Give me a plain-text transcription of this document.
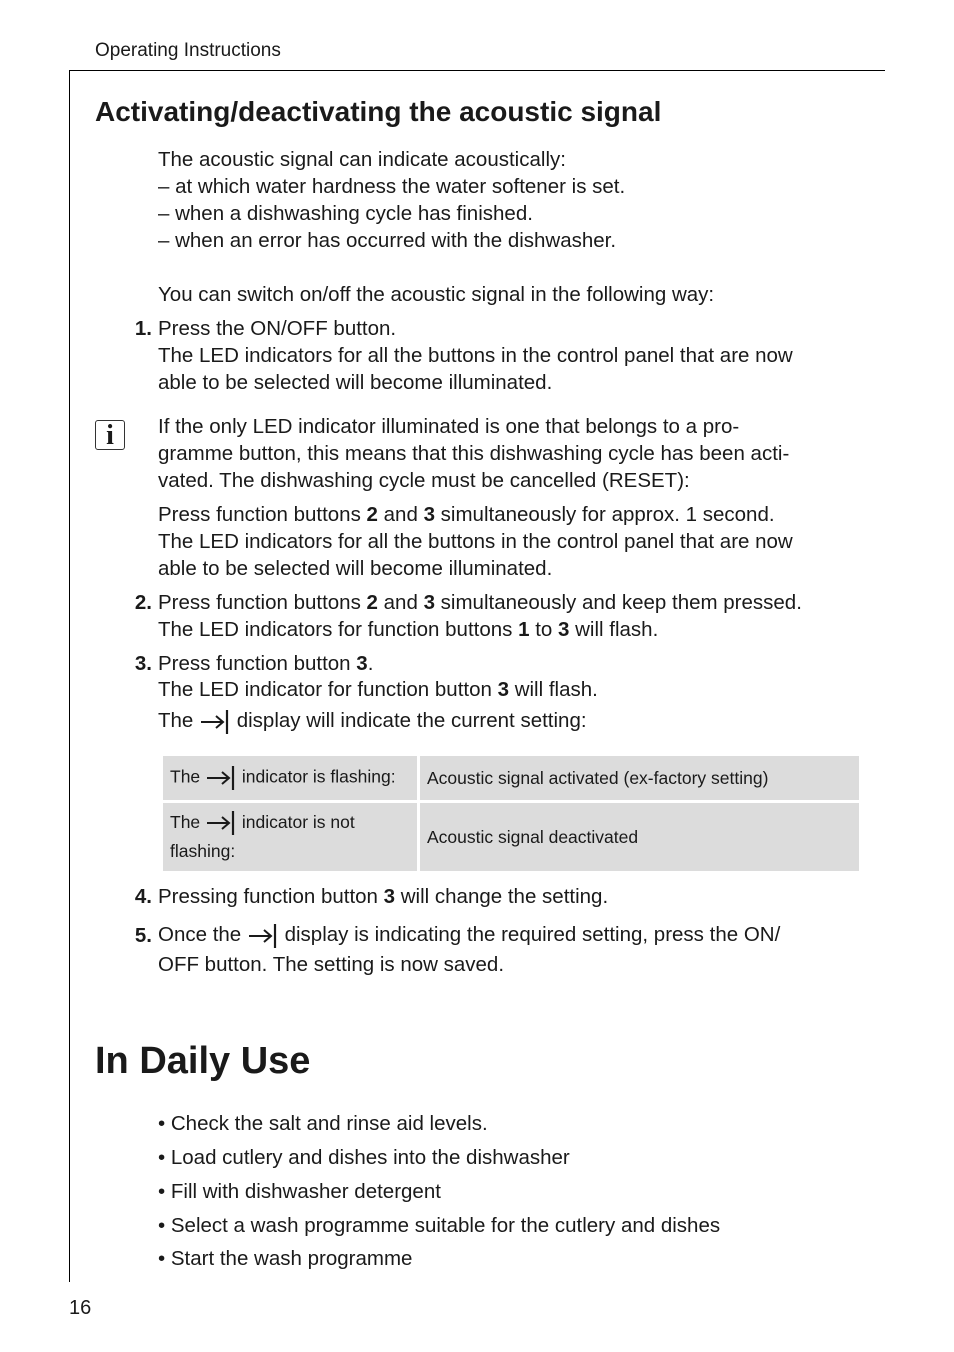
Operating Instructions
Activating/deactivating the acoustic signal
The acoustic signal can indicate acoustically:
– at which water hardness the water softener is set.
– when a dishwashing cycle has finished.
– when an error has occurred with the dishwasher.
You can switch on/off the acoustic signal in the following way:
1. Press the ON/OFF button.
The LED indicators for all the buttons in the control panel that are now
able to be selected will become illuminated.
i	If the only LED indicator illuminated is one that belongs to a pro-
gramme button, this means that this dishwashing cycle has been acti-
vated. The dishwashing cycle must be cancelled (RESET):
Press function buttons 2 and 3 simultaneously for approx. 1 second.
The LED indicators for all the buttons in the control panel that are now
able to be selected will become illuminated.
2. Press function buttons 2 and 3 simultaneously and keep them pressed.
The LED indicators for function buttons 1 to 3 will flash.
3. Press function button 3.
The LED indicator for function button 3 will flash.
The  display will indicate the current setting:
The  indicator is flashing:	Acoustic signal activated (ex-factory setting)
The  indicator is not
flashing:	Acoustic signal deactivated
4. Pressing function button 3 will change the setting.
5. Once the  display is indicating the required setting, press the ON/
OFF button. The setting is now saved.
In Daily Use
• Check the salt and rinse aid levels.
• Load cutlery and dishes into the dishwasher
• Fill with dishwasher detergent
• Select a wash programme suitable for the cutlery and dishes
• Start the wash programme
16
